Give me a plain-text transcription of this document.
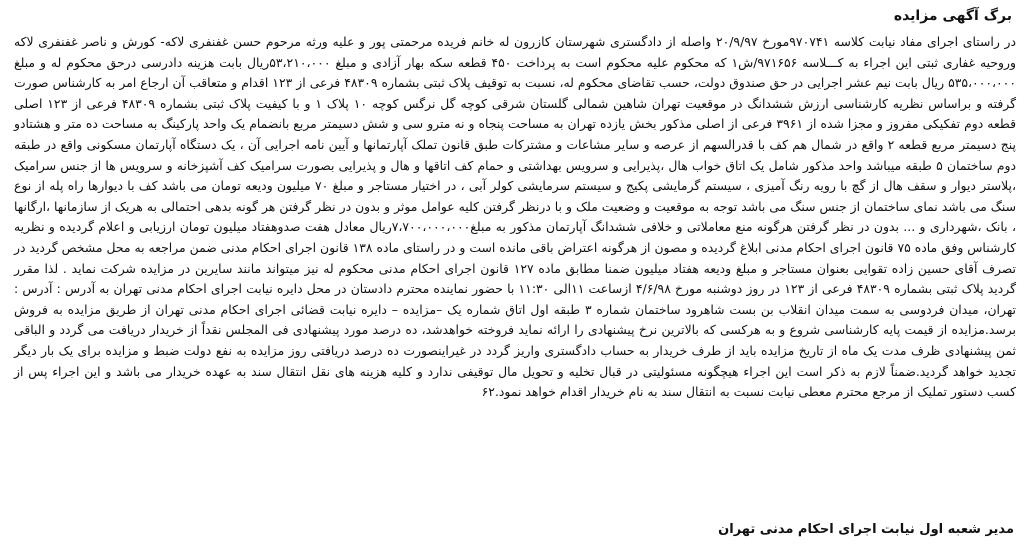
برگ آگهی مزایده

در راستای اجرای مفاد نیابت کلاسه ۹۷۰۷۴۱مورخ ۲۰/۹/۹۷ واصله از دادگستری شهرستان کازرون له خانم فریده مرحمتی پور و علیه ورثه مرحوم حسن غفنفری لاکه- کورش و ناصر غفنفری لاکه وروحیه غفاری ثبتی این اجراء به کـــلاسه ۹۷۱۶۵۶/ش۱ که محکوم علیه محکوم است به پرداخت ۴۵۰ قطعه سکه بهار آزادی و مبلغ ۵۳،۲۱۰،۰۰۰ریال بابت هزینه دادرسی درحق محکوم له و مبلغ ۵۳۵،۰۰۰،۰۰۰ ریال بابت نیم عشر اجرایی در حق صندوق دولت، حسب تقاضای محکوم له، نسبت به توقیف پلاک ثبتی بشماره ۴۸۳۰۹ فرعی از ۱۲۳ اقدام و متعاقب آن ارجاع امر به کارشناس صورت گرفته و براساس نظریه کارشناسی ارزش ششدانگ در موقعیت تهران شاهین شمالی گلستان شرقی کوچه گل نرگس کوچه ۱۰ پلاک ۱ و با کیفیت پلاک ثبتی بشماره ۴۸۳۰۹ فرعی از ۱۲۳ اصلی قطعه دوم تفکیکی مفروز و مجزا شده از ۳۹۶۱ فرعی از اصلی مذکور بخش یازده تهران به مساحت پنجاه و نه مترو سی و شش دسیمتر مربع بانضمام یک واحد پارکینگ به مساحت ده متر و هشتادو پنج دسیمتر مربع قطعه ۲ واقع در شمال هم کف با قدرالسهم از عرصه و سایر مشاعات و مشترکات طبق قانون تملک آپارتمانها و آیین نامه اجرایی آن ، یک دستگاه آپارتمان مسکونی واقع در طبقه دوم ساختمان ۵ طبقه میباشد واحد مذکور شامل یک اتاق خواب هال ،پذیرایی و سرویس بهداشتی و حمام کف اتاقها و هال و پذیرایی بصورت سرامیک کف آشپزخانه و سرویس ها از جنس سرامیک ،پلاستر دیوار و سقف هال از گچ با رویه رنگ آمیزی ، سیستم گرمایشی پکیج و سیستم سرمایشی کولر آبی ، در اختیار مستاجر و مبلغ ۷۰ میلیون ودیعه تومان می باشد کف با دیوارها راه پله از نوع سنگ می باشد نمای ساختمان از جنس سنگ می باشد توجه به موقعیت و وضعیت ملک و با درنظر گرفتن کلیه عوامل موثر و بدون در نظر گرفتن هر گونه بدهی احتمالی به هریک از سازمانها ،ارگانها ، بانک ،شهرداری و ... بدون در نظر گرفتن هرگونه منع معاملاتی و خلافی ششدانگ آپارتمان مذکور به مبلغ۷،۷۰۰،۰۰۰،۰۰۰ریال معادل هفت صدوهفتاد میلیون تومان ارزیابی و اعلام گردیده و نظریه کارشناس وفق ماده ۷۵ قانون اجرای احکام مدنی ابلاغ گردیده و مصون از هرگونه اعتراض باقی مانده است و در راستای ماده ۱۳۸ قانون اجرای احکام مدنی ضمن مراجعه به محل مشخص گردید در تصرف آقای حسین زاده تقوایی بعنوان مستاجر و مبلغ ودیعه هفتاد میلیون ضمنا مطابق ماده ۱۲۷ قانون اجرای احکام مدنی محکوم له نیز میتواند مانند سایرین در مزایده شرکت نماید . لذا مقرر گردید پلاک ثبتی بشماره ۴۸۳۰۹ فرعی از ۱۲۳ در روز دوشنبه مورخ ۴/۶/۹۸ ازساعت ۱۱الی ۱۱:۳۰ با حضور نماینده محترم دادستان در محل دایره نیابت اجرای احکام مدنی تهران به آدرس : آدرس : تهران، میدان فردوسی به سمت میدان انقلاب بن بست شاهرود ساختمان شماره ۳ طبقه اول اتاق شماره یک –مزایده – دایره نیابت قضائی اجرای احکام مدنی تهران از طریق مزایده به فروش برسد.مزایده از قیمت پایه کارشناسی شروع و به هرکسی که بالاترین نرخ پیشنهادی را ارائه نماید فروخته خواهدشد، ده درصد مورد پیشنهادی فی المجلس نقداً از خریدار دریافت می گردد و الباقی ثمن پیشنهادی ظرف مدت یک ماه از تاریخ مزایده باید از طرف خریدار به حساب دادگستری واریز گردد در غیراینصورت ده درصد دریافتی روز مزایده به نفع دولت ضبط و مزایده برای یک بار دیگر تجدید خواهد گردید.ضمناً لازم به ذکر است این اجراء هیچگونه مسئولیتی در قبال تخلیه و تحویل مال توقیفی ندارد و کلیه هزینه های نقل انتقال سند به عهده خریدار می باشد و این اجراء پس از کسب دستور تملیک از مرجع محترم معطی نیابت نسبت به انتقال سند به نام خریدار اقدام خواهد نمود.۶۲

مدیر شعبه اول نیابت اجرای احکام مدنی تهران
